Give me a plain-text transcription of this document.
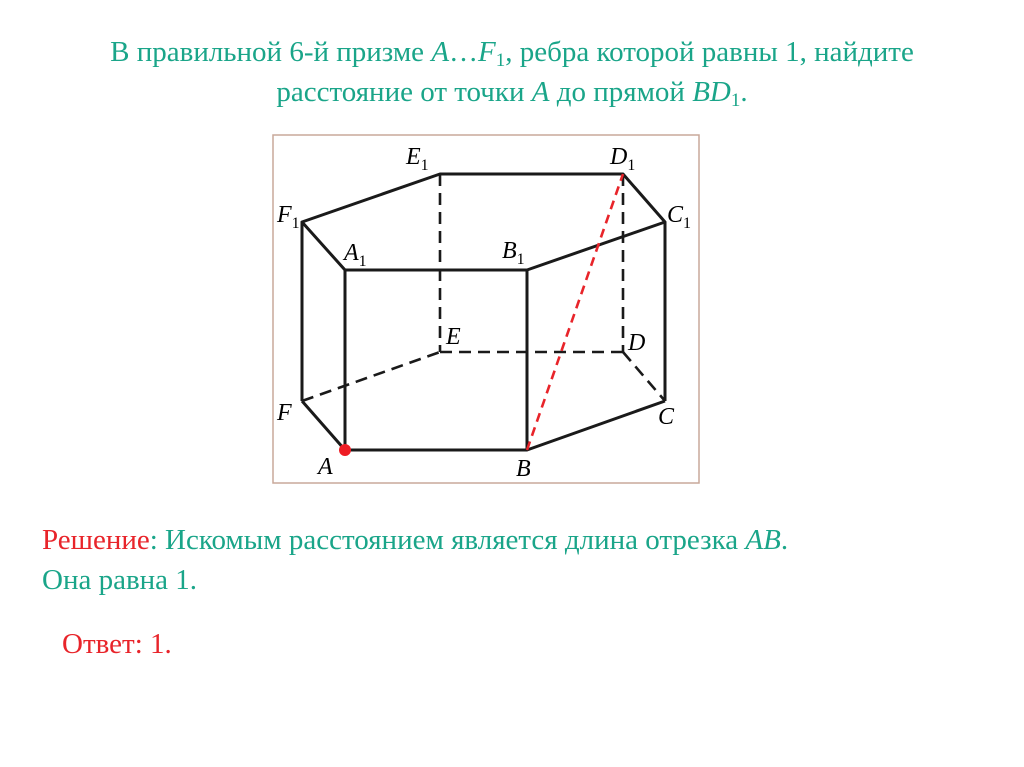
В правильной 6-й призме $A\dots F_1$, ребра которой равны 1, найдите
расстояние от точки A до прямой $BD_1$.
A	B
C
D
E
F
$A_1$	$B_1$
$C_1$
$D_1$
$E_1$
$F_1$
Решение: Искомым расстоянием является длина отрезка AB.
Она равна 1.
Ответ: 1.
